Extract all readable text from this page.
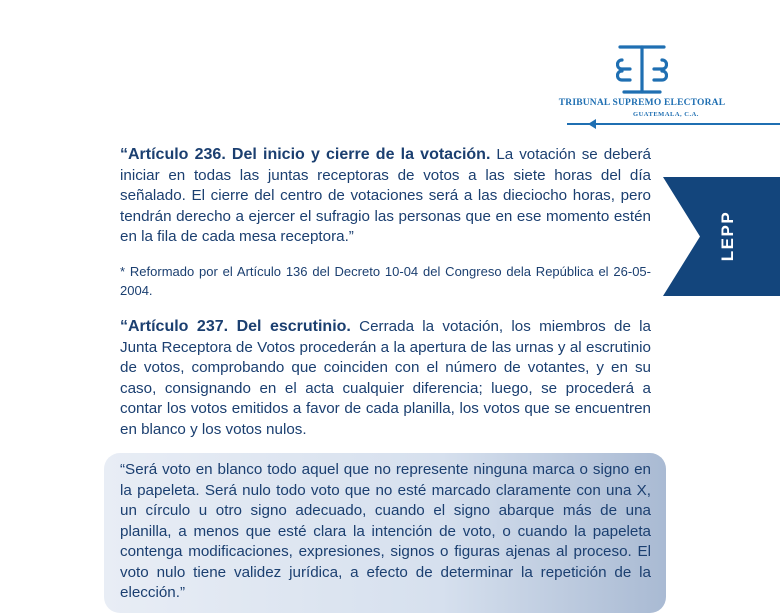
TRIBUNAL SUPREMO ELECTORAL
GUATEMALA, C.A.
LEPP
“Artículo 236. Del inicio y cierre de la votación. La votación se deberá iniciar en todas las juntas receptoras de votos a las siete horas del día señalado. El cierre del centro de votaciones será a las dieciocho horas, pero tendrán derecho a ejercer el sufragio las personas que en ese momento estén en la fila de cada mesa receptora.”
* Reformado por el Artículo 136 del Decreto 10-04 del Congreso dela República el 26-05-2004.
“Artículo 237. Del escrutinio. Cerrada la votación, los miembros de la Junta Receptora de Votos procederán a la apertura de las urnas y al escrutinio de votos, comprobando que coinciden con el número de votantes, y en su caso, consignando en el acta cualquier diferencia; luego, se procederá a contar los votos emitidos a favor de cada planilla, los votos que se encuentren en blanco y los votos nulos.
“Será voto en blanco todo aquel que no represente ninguna marca o signo en la papeleta. Será nulo todo voto que no esté marcado claramente con una X, un círculo u otro signo adecuado, cuando el signo abarque más de una planilla, a menos que esté clara la intención de voto, o cuando la papeleta contenga modificaciones, expresiones, signos o figuras ajenas al proceso. El voto nulo tiene validez jurídica, a efecto de determinar la repetición de la elección.”
